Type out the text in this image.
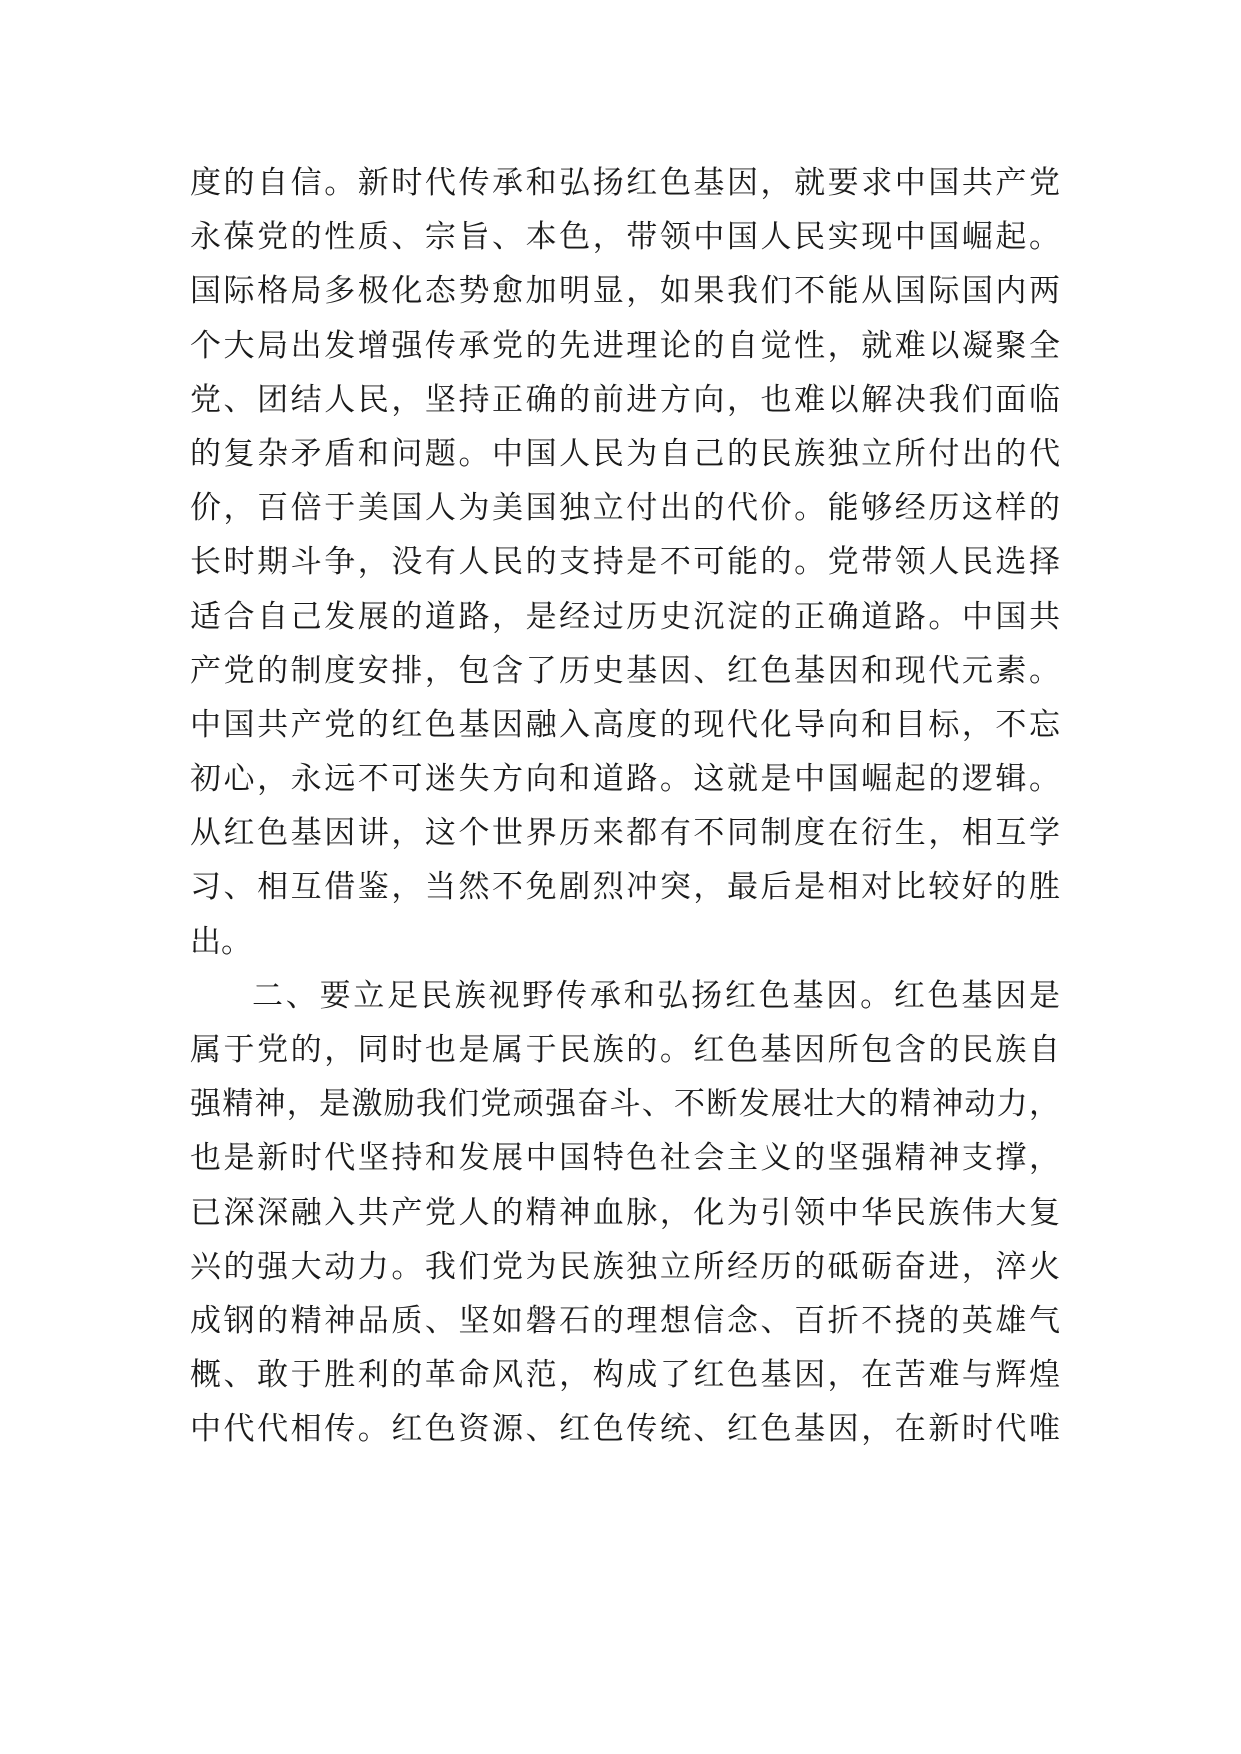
度的自信。新时代传承和弘扬红色基因，就要求中国共产党
永葆党的性质、宗旨、本色，带领中国人民实现中国崛起。
国际格局多极化态势愈加明显，如果我们不能从国际国内两
个大局出发增强传承党的先进理论的自觉性，就难以凝聚全
党、团结人民，坚持正确的前进方向，也难以解决我们面临
的复杂矛盾和问题。中国人民为自己的民族独立所付出的代
价，百倍于美国人为美国独立付出的代价。能够经历这样的
长时期斗争，没有人民的支持是不可能的。党带领人民选择
适合自己发展的道路，是经过历史沉淀的正确道路。中国共
产党的制度安排，包含了历史基因、红色基因和现代元素。
中国共产党的红色基因融入高度的现代化导向和目标，不忘
初心，永远不可迷失方向和道路。这就是中国崛起的逻辑。
从红色基因讲，这个世界历来都有不同制度在衍生，相互学
习、相互借鉴，当然不免剧烈冲突，最后是相对比较好的胜
出。
二、要立足民族视野传承和弘扬红色基因。红色基因是
属于党的，同时也是属于民族的。红色基因所包含的民族自
强精神，是激励我们党顽强奋斗、不断发展壮大的精神动力，
也是新时代坚持和发展中国特色社会主义的坚强精神支撑，
已深深融入共产党人的精神血脉，化为引领中华民族伟大复
兴的强大动力。我们党为民族独立所经历的砥砺奋进，淬火
成钢的精神品质、坚如磐石的理想信念、百折不挠的英雄气
概、敢于胜利的革命风范，构成了红色基因，在苦难与辉煌
中代代相传。红色资源、红色传统、红色基因，在新时代唯
